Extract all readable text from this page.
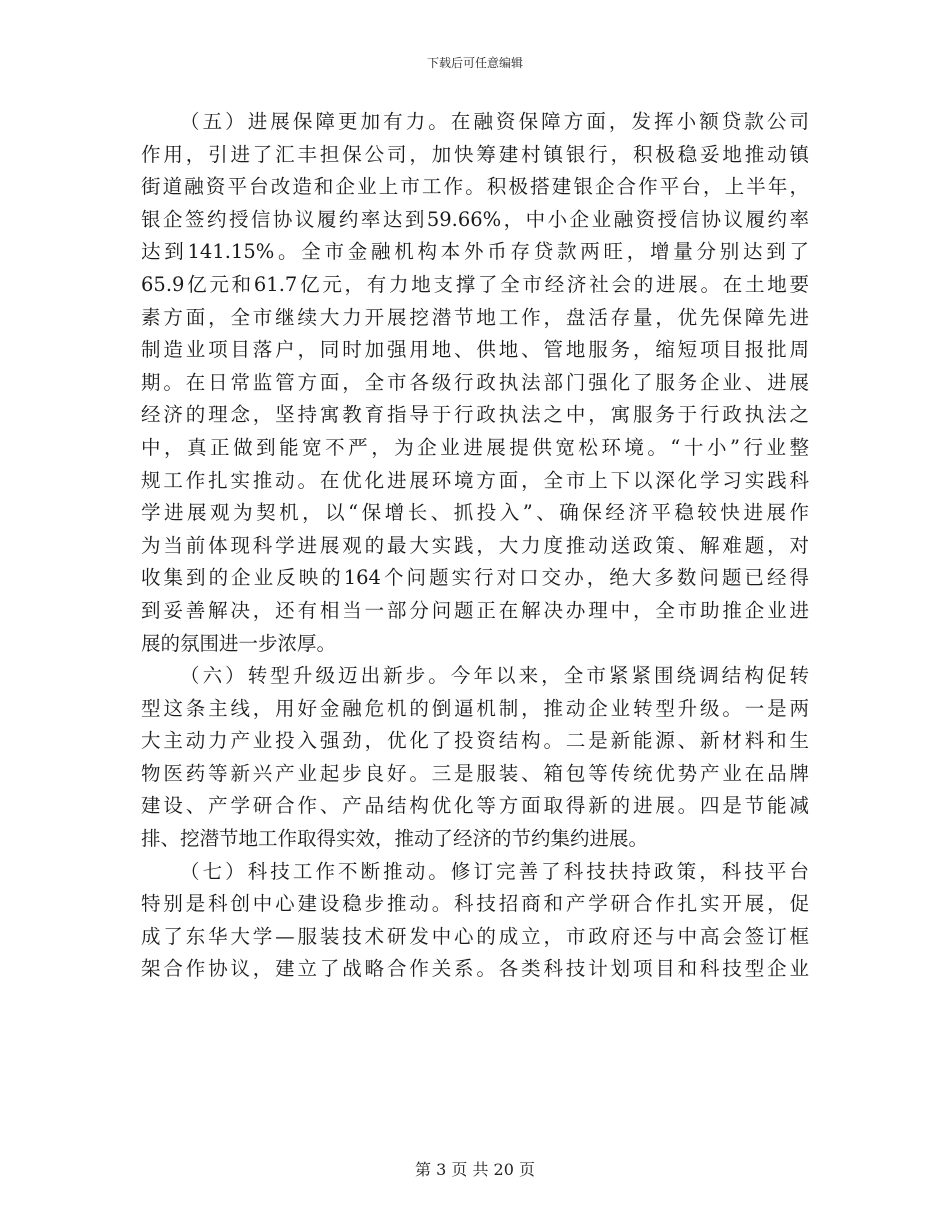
下载后可任意编辑
（五）进展保障更加有力。在融资保障方面，发挥小额贷款公司
作用，引进了汇丰担保公司，加快筹建村镇银行，积极稳妥地推动镇
街道融资平台改造和企业上市工作。积极搭建银企合作平台，上半年，
银企签约授信协议履约率达到59.66%，中小企业融资授信协议履约率
达到141.15%。全市金融机构本外币存贷款两旺，增量分别达到了
65.9亿元和61.7亿元，有力地支撑了全市经济社会的进展。在土地要
素方面，全市继续大力开展挖潜节地工作，盘活存量，优先保障先进
制造业项目落户，同时加强用地、供地、管地服务，缩短项目报批周
期。在日常监管方面，全市各级行政执法部门强化了服务企业、进展
经济的理念，坚持寓教育指导于行政执法之中，寓服务于行政执法之
中，真正做到能宽不严，为企业进展提供宽松环境。“十小”行业整
规工作扎实推动。在优化进展环境方面，全市上下以深化学习实践科
学进展观为契机，以“保增长、抓投入”、确保经济平稳较快进展作
为当前体现科学进展观的最大实践，大力度推动送政策、解难题，对
收集到的企业反映的164个问题实行对口交办，绝大多数问题已经得
到妥善解决，还有相当一部分问题正在解决办理中，全市助推企业进
展的氛围进一步浓厚。
（六）转型升级迈出新步。今年以来，全市紧紧围绕调结构促转
型这条主线，用好金融危机的倒逼机制，推动企业转型升级。一是两
大主动力产业投入强劲，优化了投资结构。二是新能源、新材料和生
物医药等新兴产业起步良好。三是服装、箱包等传统优势产业在品牌
建设、产学研合作、产品结构优化等方面取得新的进展。四是节能减
排、挖潜节地工作取得实效，推动了经济的节约集约进展。
（七）科技工作不断推动。修订完善了科技扶持政策，科技平台
特别是科创中心建设稳步推动。科技招商和产学研合作扎实开展，促
成了东华大学—服装技术研发中心的成立，市政府还与中高会签订框
架合作协议，建立了战略合作关系。各类科技计划项目和科技型企业
第 3 页 共 20 页
